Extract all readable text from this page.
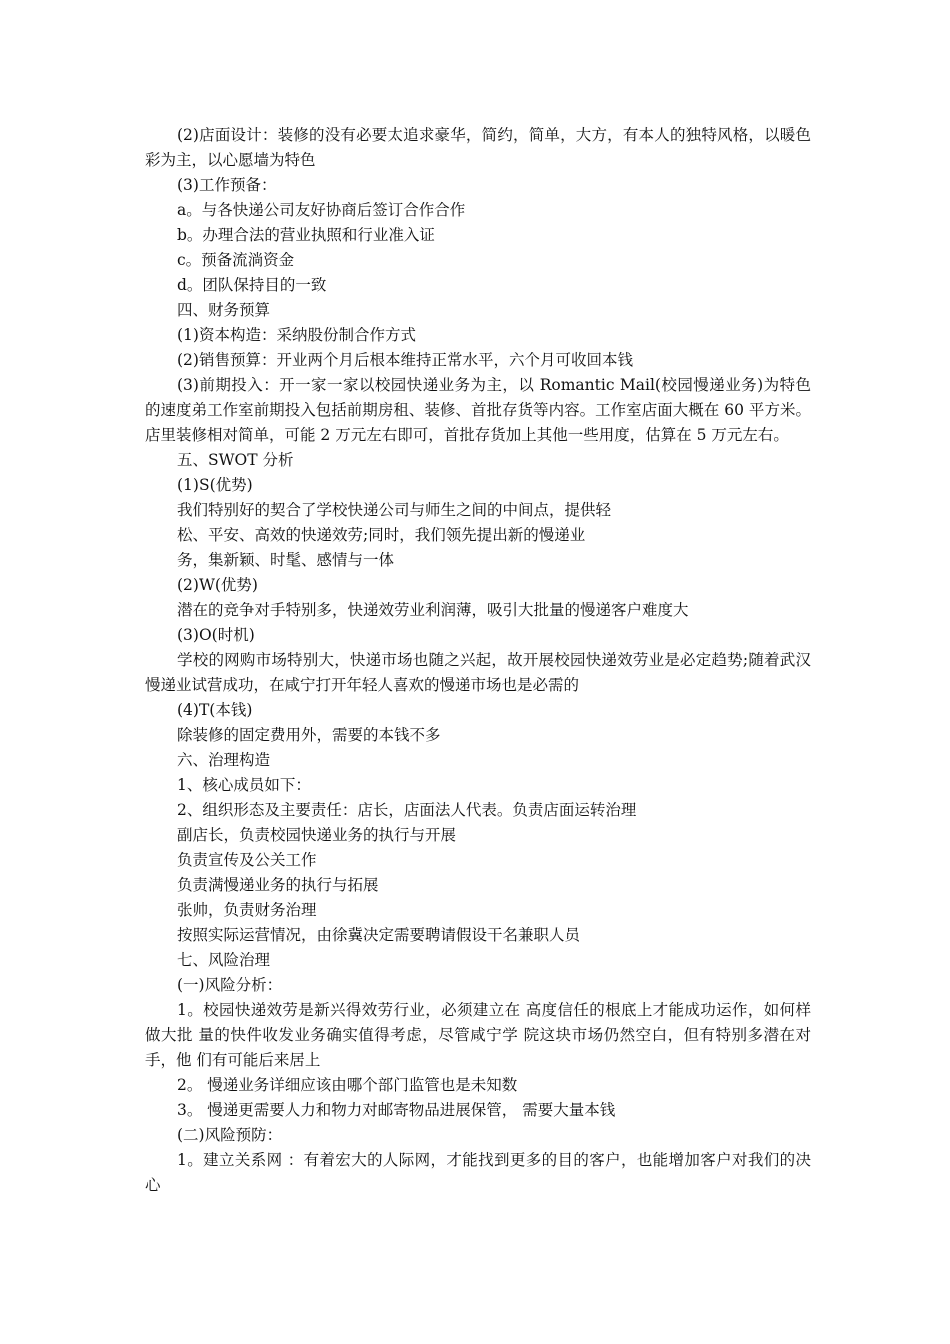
(2)店面设计：装修的没有必要太追求豪华，简约，简单，大方，有本人的独特风格，以暖色彩为主，以心愿墙为特色

(3)工作预备：

a。与各快递公司友好协商后签订合作合作

b。办理合法的营业执照和行业准入证

c。预备流淌资金

d。团队保持目的一致

四、财务预算

(1)资本构造：采纳股份制合作方式

(2)销售预算：开业两个月后根本维持正常水平，六个月可收回本钱

(3)前期投入：开一家一家以校园快递业务为主，以 Romantic Mail(校园慢递业务)为特色的速度弟工作室前期投入包括前期房租、装修、首批存货等内容。工作室店面大概在 60 平方米。店里装修相对简单，可能 2 万元左右即可，首批存货加上其他一些用度，估算在 5 万元左右。

五、SWOT 分析

(1)S(优势)

我们特别好的契合了学校快递公司与师生之间的中间点，提供轻

松、平安、高效的快递效劳;同时，我们领先提出新的慢递业

务，集新颖、时髦、感情与一体

(2)W(优势)

潜在的竞争对手特别多，快递效劳业利润薄，吸引大批量的慢递客户难度大

(3)O(时机)

学校的网购市场特别大，快递市场也随之兴起，故开展校园快递效劳业是必定趋势;随着武汉慢递业试营成功，在咸宁打开年轻人喜欢的慢递市场也是必需的

(4)T(本钱)

除装修的固定费用外，需要的本钱不多

六、治理构造

1、核心成员如下：

2、组织形态及主要责任：店长，店面法人代表。负责店面运转治理

副店长，负责校园快递业务的执行与开展

负责宣传及公关工作

负责满慢递业务的执行与拓展

张帅，负责财务治理

按照实际运营情况，由徐冀决定需要聘请假设干名兼职人员

七、风险治理

(一)风险分析：

1。校园快递效劳是新兴得效劳行业，必须建立在 高度信任的根底上才能成功运作，如何样做大批 量的快件收发业务确实值得考虑，尽管咸宁学 院这块市场仍然空白，但有特别多潜在对手，他 们有可能后来居上

2。 慢递业务详细应该由哪个部门监管也是未知数

3。 慢递更需要人力和物力对邮寄物品进展保管， 需要大量本钱

(二)风险预防：

1。建立关系网 ：有着宏大的人际网，才能找到更多的目的客户，也能增加客户对我们的决心
